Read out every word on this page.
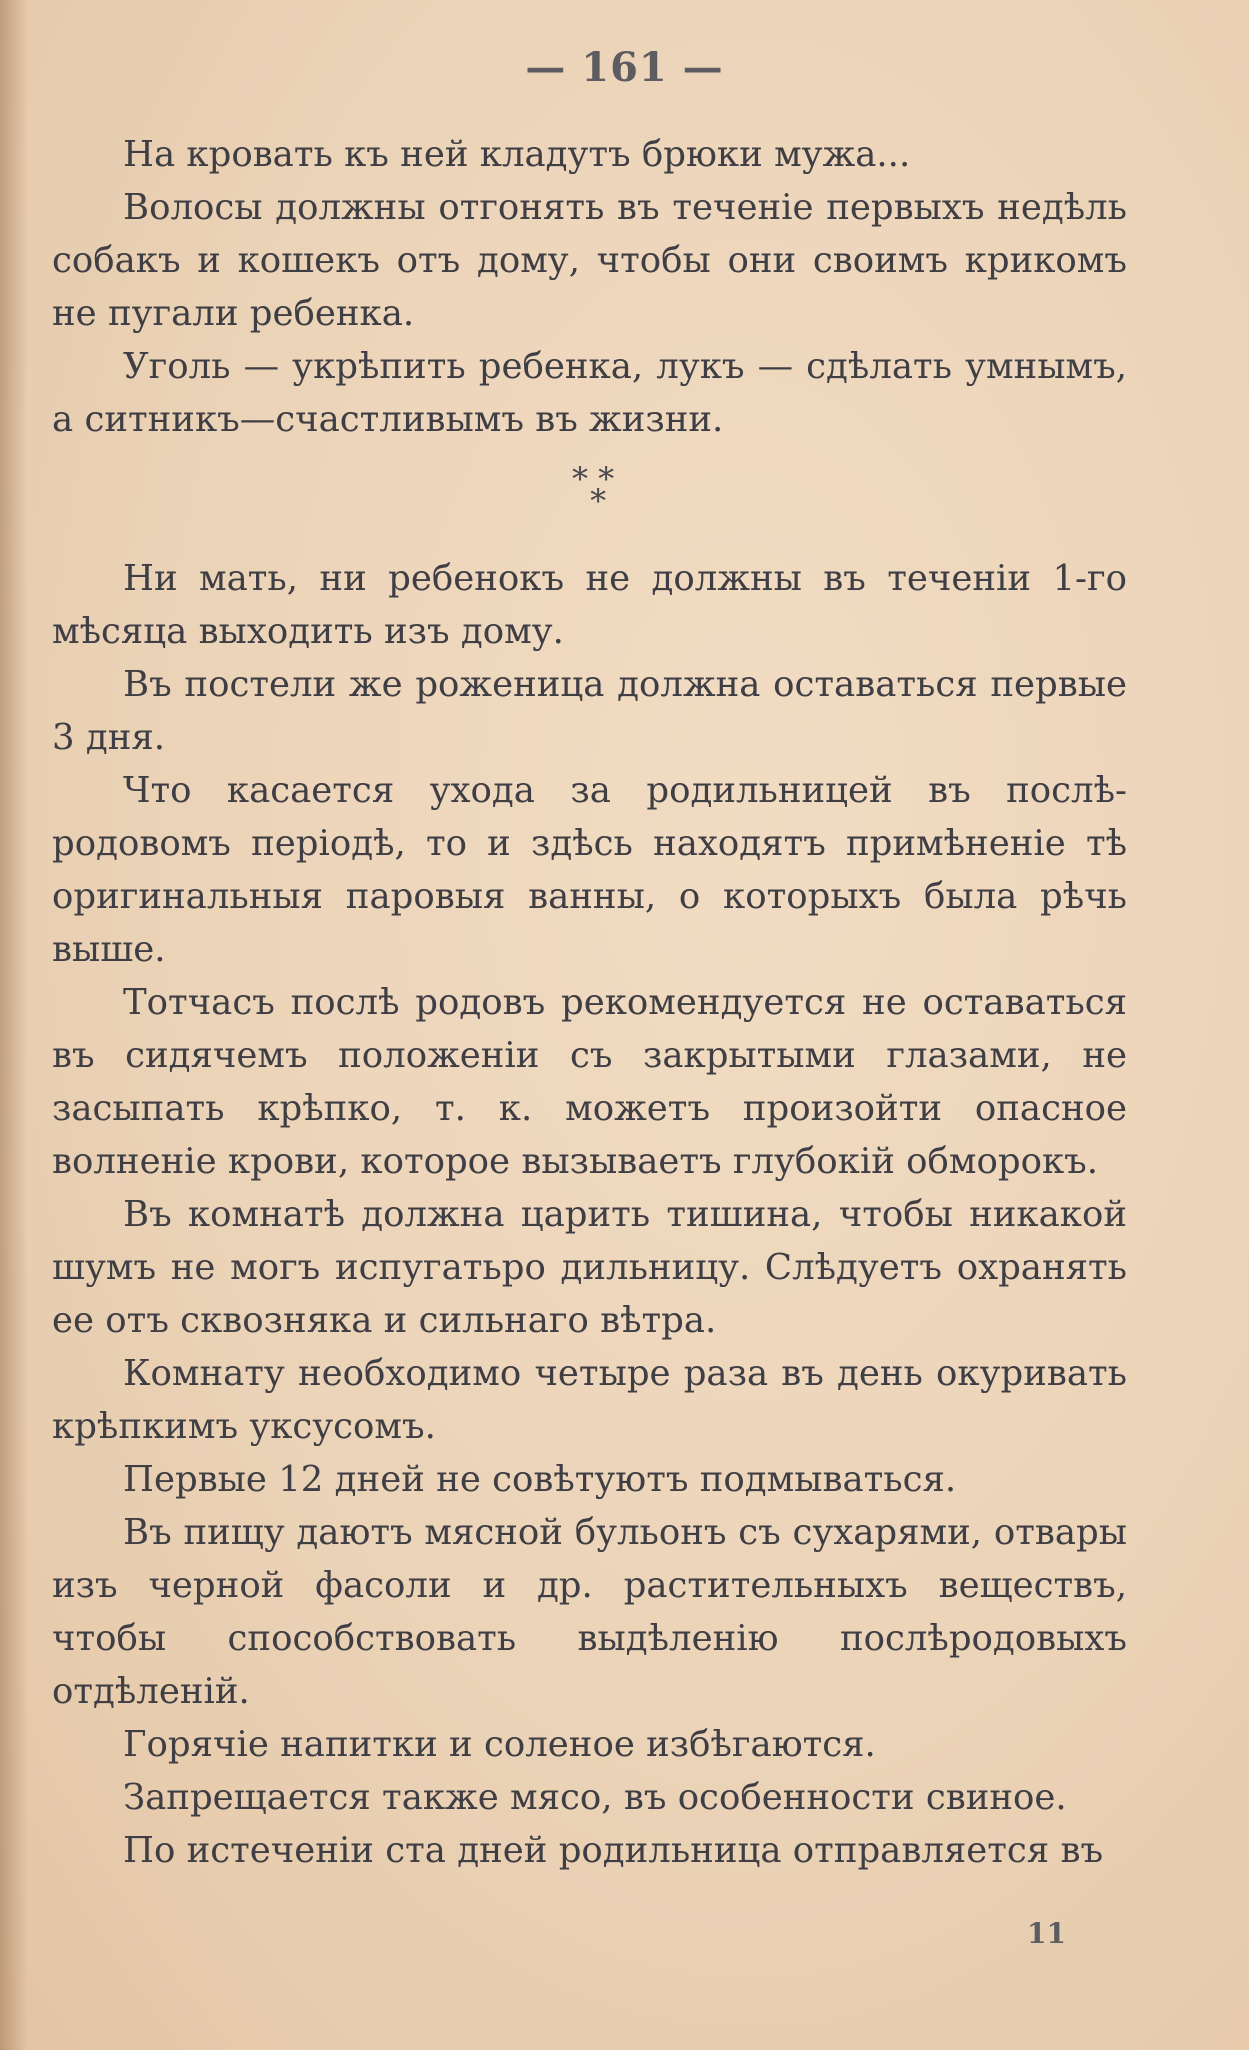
— 161 —

На кровать къ ней кладутъ брюки мужа...

Волосы должны отгонять въ теченіе первыхъ недѣль собакъ и кошекъ отъ дому, чтобы они своимъ крикомъ не пугали ребенка.

Уголь — укрѣпить ребенка, лукъ — сдѣлать умнымъ, а ситникъ—счастливымъ въ жизни.

* *
*

Ни мать, ни ребенокъ не должны въ теченіи 1-го мѣсяца выходить изъ дому.

Въ постели же роженица должна оставаться первые 3 дня.

Что касается ухода за родильницей въ послѣродовомъ періодѣ, то и здѣсь находятъ примѣненіе тѣ оригинальныя паровыя ванны, о которыхъ была рѣчь выше.

Тотчасъ послѣ родовъ рекомендуется не оставаться въ сидячемъ положеніи съ закрытыми глазами, не засыпать крѣпко, т. к. можетъ произойти опасное волненіе крови, которое вызываетъ глубокій обморокъ.

Въ комнатѣ должна царить тишина, чтобы никакой шумъ не могъ испугатьро дильницу. Слѣдуетъ охранять ее отъ сквозняка и сильнаго вѣтра.

Комнату необходимо четыре раза въ день окуривать крѣпкимъ уксусомъ.

Первые 12 дней не совѣтуютъ подмываться.

Въ пищу даютъ мясной бульонъ съ сухарями, отвары изъ черной фасоли и др. растительныхъ веществъ, чтобы способствовать выдѣленію послѣродовыхъ отдѣленій.

Горячіе напитки и соленое избѣгаются.

Запрещается также мясо, въ особенности свиное.

По истеченіи ста дней родильница отправляется въ

11
